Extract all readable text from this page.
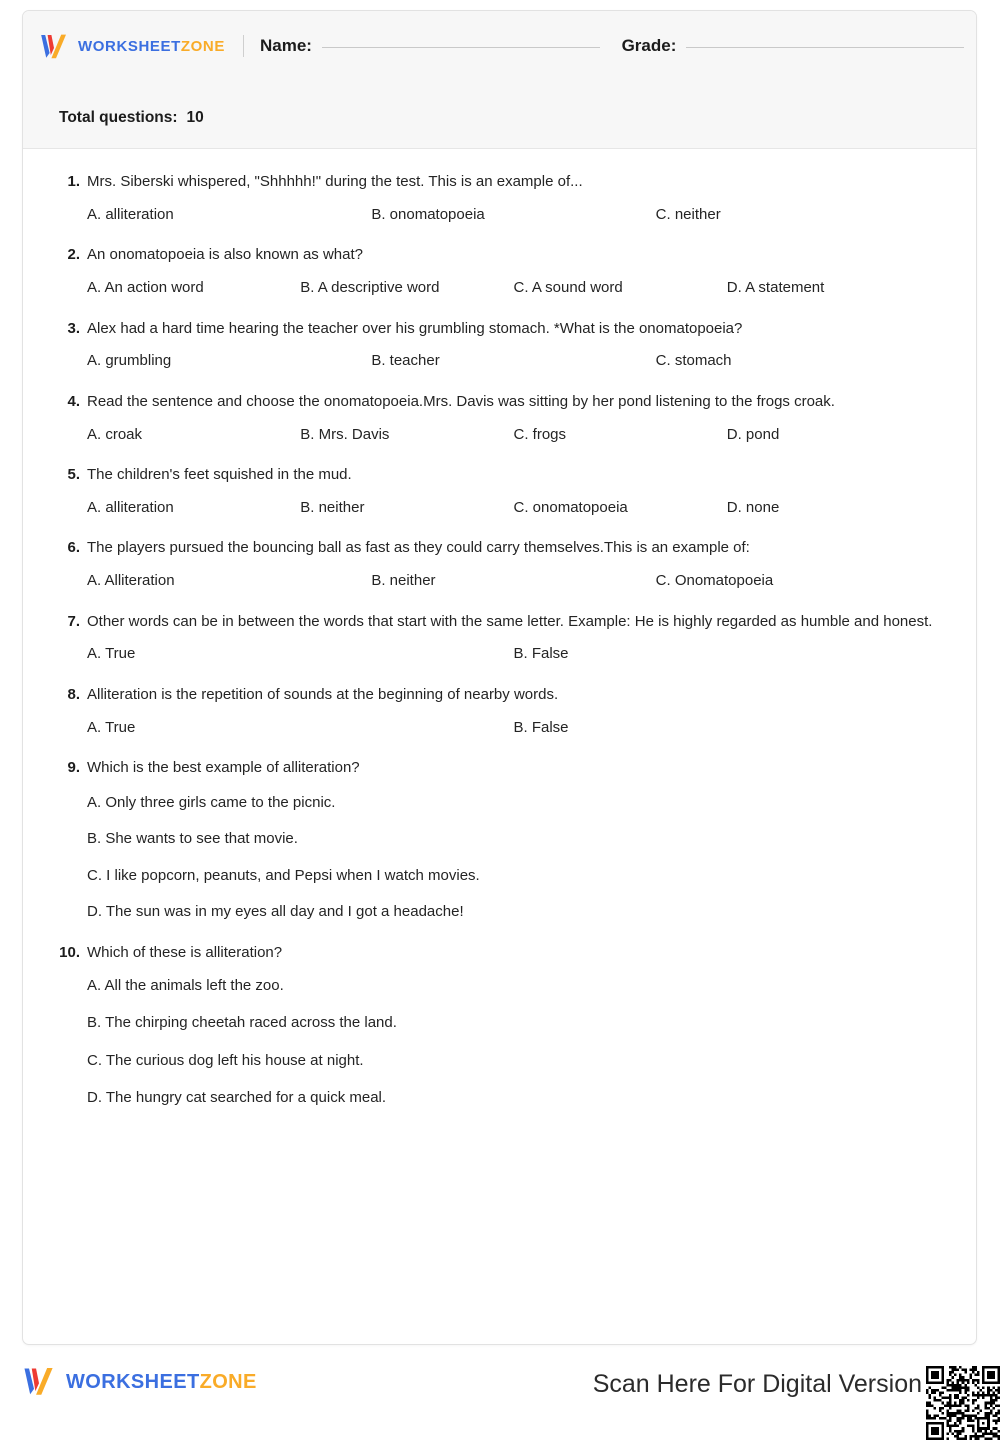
WORKSHEETZONE Name:	Grade:
Total questions: 10
1. Mrs. Siberski whispered, "Shhhhh!" during the test. This is an example of...
A. alliteration	B. onomatopoeia	C. neither
2. An onomatopoeia is also known as what?
A. An action word	B. A descriptive word	C. A sound word	D. A statement
3. Alex had a hard time hearing the teacher over his grumbling stomach. *What is the onomatopoeia?
A. grumbling	B. teacher	C. stomach
4. Read the sentence and choose the onomatopoeia.Mrs. Davis was sitting by her pond listening to the frogs croak.
A. croak	B. Mrs. Davis	C. frogs	D. pond
5. The children's feet squished in the mud.
A. alliteration	B. neither	C. onomatopoeia	D. none
6. The players pursued the bouncing ball as fast as they could carry themselves.This is an example of:
A. Alliteration	B. neither	C. Onomatopoeia
7. Other words can be in between the words that start with the same letter. Example: He is highly regarded as humble and honest.
A. True	B. False
8. Alliteration is the repetition of sounds at the beginning of nearby words.
A. True	B. False
9. Which is the best example of alliteration?
A. Only three girls came to the picnic.
B. She wants to see that movie.
C. I like popcorn, peanuts, and Pepsi when I watch movies.
D. The sun was in my eyes all day and I got a headache!
10. Which of these is alliteration?
A. All the animals left the zoo.
B. The chirping cheetah raced across the land.
C. The curious dog left his house at night.
D. The hungry cat searched for a quick meal.
WORKSHEETZONE	Scan Here For Digital Version
